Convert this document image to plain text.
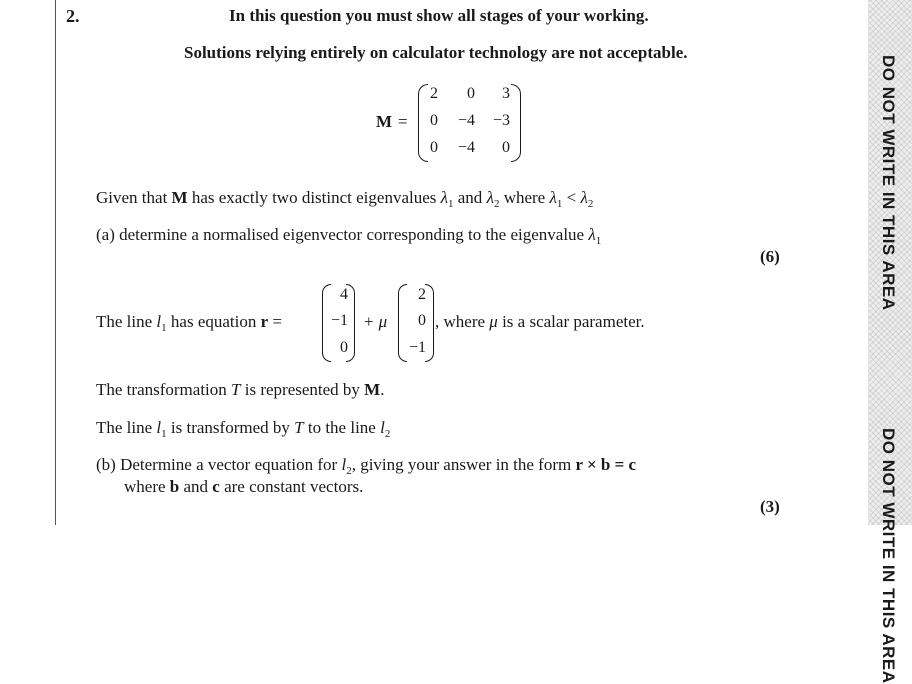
2.	In this question you must show all stages of your working.
Solutions relying entirely on calculator technology are not acceptable.
M =
2	0	3
0	−4	−3
0	−4	0
Given that M has exactly two distinct eigenvalues $\lambda_1$ and $\lambda_2$ where $\lambda_1 < \lambda_2$
(a) determine a normalised eigenvector corresponding to the eigenvalue $\lambda_1$
(6)
The line $l_1$ has equation r =
4
−1
0
+ μ
2
0
−1
, where μ is a scalar parameter.
The transformation T is represented by M.
The line $l_1$ is transformed by T to the line $l_2$
(b) Determine a vector equation for $l_2$, giving your answer in the form r × b = c
where b and c are constant vectors.
(3)
DO NOT WRITE IN THIS AREA
DO NOT WRITE IN THIS AREA
